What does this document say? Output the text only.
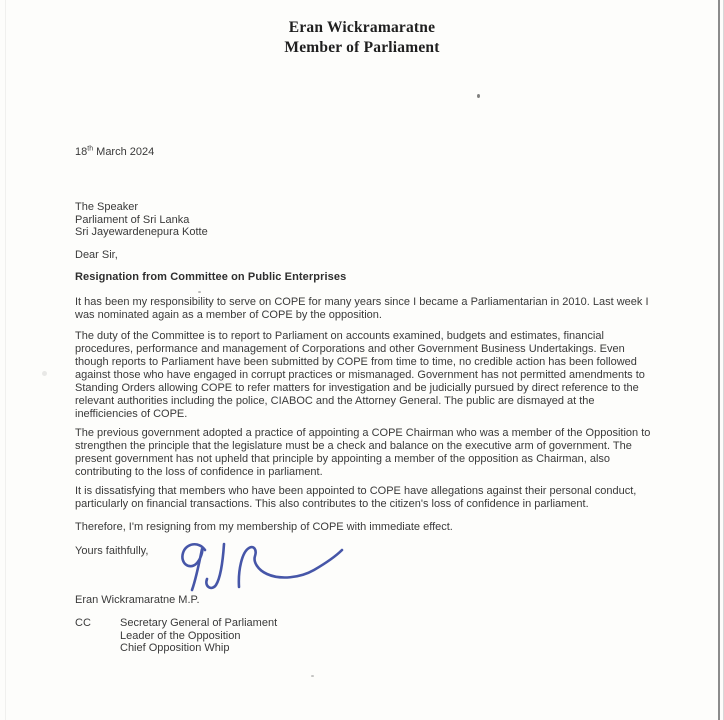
Eran Wickramaratne
Member of Parliament
18th March 2024
The Speaker
Parliament of Sri Lanka
Sri Jayewardenepura Kotte
Dear Sir,
Resignation from Committee on Public Enterprises
It has been my responsibility to serve on COPE for many years since I became a Parliamentarian in 2010. Last week I was nominated again as a member of COPE by the opposition.
The duty of the Committee is to report to Parliament on accounts examined, budgets and estimates, financial procedures, performance and management of Corporations and other Government Business Undertakings. Even though reports to Parliament have been submitted by COPE from time to time, no credible action has been followed against those who have engaged in corrupt practices or mismanaged. Government has not permitted amendments to Standing Orders allowing COPE to refer matters for investigation and be judicially pursued by direct reference to the relevant authorities including the police, CIABOC and the Attorney General. The public are dismayed at the inefficiencies of COPE.
The previous government adopted a practice of appointing a COPE Chairman who was a member of the Opposition to strengthen the principle that the legislature must be a check and balance on the executive arm of government. The present government has not upheld that principle by appointing a member of the opposition as Chairman, also contributing to the loss of confidence in parliament.
It is dissatisfying that members who have been appointed to COPE have allegations against their personal conduct, particularly on financial transactions. This also contributes to the citizen's loss of confidence in parliament.
Therefore, I'm resigning from my membership of COPE with immediate effect.
Yours faithfully,
Eran Wickramaratne M.P.
CC	Secretary General of Parliament
Leader of the Opposition
Chief Opposition Whip
